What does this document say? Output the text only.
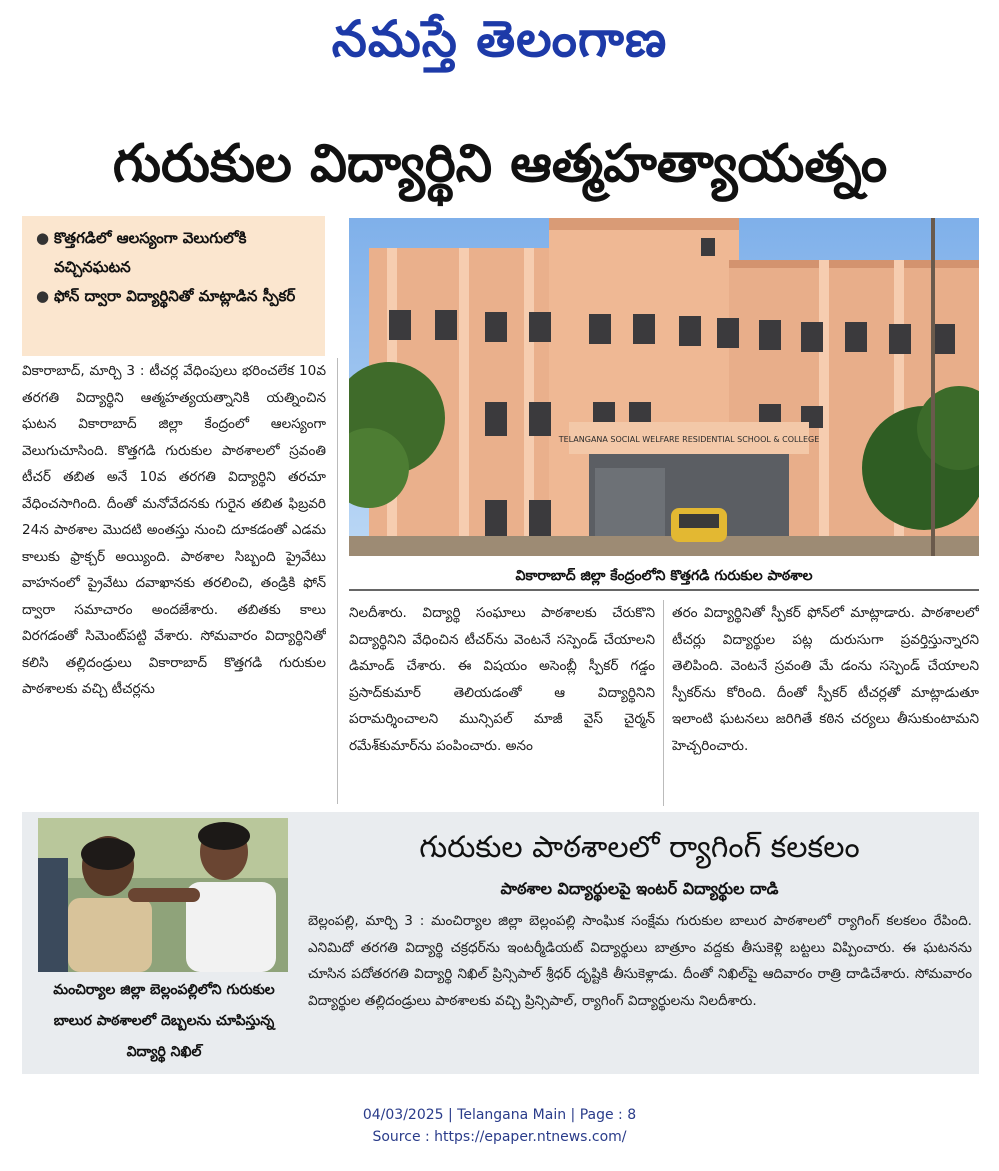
నమస్తే తెలంగాణ
గురుకుల విద్యార్థిని ఆత్మహత్యాయత్నం
● కొత్తగడిలో ఆలస్యంగా వెలుగులోకి వచ్చినఘటన
● ఫోన్ ద్వారా విద్యార్థినితో మాట్లాడిన స్పీకర్
TELANGANA SOCIAL WELFARE RESIDENTIAL SCHOOL & COLLEGE
వికారాబాద్ జిల్లా కేంద్రంలోని కొత్తగడి గురుకుల పాఠశాల
వికారాబాద్, మార్చి 3 : టీచర్ల వేధింపులు భరించలేక 10వ తరగతి విద్యార్థిని ఆత్మహత్యయత్నానికి యత్నించిన ఘటన వికారాబాద్ జిల్లా కేంద్రంలో ఆలస్యంగా వెలుగుచూసింది. కొత్తగడి గురుకుల పాఠశాలలో స్రవంతి టీచర్ తబిత అనే 10వ తరగతి విద్యార్థిని తరచూ వేధించసాగింది. దీంతో మనోవేదనకు గురైన తబిత ఫిబ్రవరి 24న పాఠశాల మొదటి అంతస్తు నుంచి దూకడంతో ఎడమ కాలుకు ఫ్రాక్చర్ అయ్యింది. పాఠశాల సిబ్బంది ప్రైవేటు వాహనంలో ప్రైవేటు దవాఖానకు తరలించి, తండ్రికి ఫోన్ ద్వారా సమాచారం అందజేశారు. తబితకు కాలు విరగడంతో సిమెంట్‌పట్టి వేశారు. సోమవారం విద్యార్థినితో కలిసి తల్లిదండ్రులు వికారాబాద్ కొత్తగడి గురుకుల పాఠశాలకు వచ్చి టీచర్లను
నిలదీశారు. విద్యార్థి సంఘాలు పాఠశాలకు చేరుకొని విద్యార్థినిని వేధించిన టీచర్‌ను వెంటనే సస్పెండ్ చేయాలని డిమాండ్ చేశారు. ఈ విషయం అసెంబ్లీ స్పీకర్ గడ్డం ప్రసాద్‌కుమార్ తెలియడంతో ఆ విద్యార్థినిని పరామర్శించాలని మున్సిపల్ మాజీ వైస్ చైర్మన్ రమేశ్‌కుమార్‌ను పంపించారు. అనం
తరం విద్యార్థినితో స్పీకర్ ఫోన్‌లో మాట్లాడారు. పాఠశాలలో టీచర్లు విద్యార్థుల పట్ల దురుసుగా ప్రవర్తిస్తున్నారని తెలిపింది. వెంటనే స్రవంతి మే డంను సస్పెండ్ చేయాలని స్పీకర్‌ను కోరింది. దీంతో స్పీకర్ టీచర్లతో మాట్లాడుతూ ఇలాంటి ఘటనలు జరిగితే కఠిన చర్యలు తీసుకుంటామని హెచ్చరించారు.
మంచిర్యాల జిల్లా బెల్లంపల్లిలోని గురుకుల బాలుర పాఠశాలలో దెబ్బలను చూపిస్తున్న విద్యార్థి నిఖిల్
గురుకుల పాఠశాలలో ర్యాగింగ్ కలకలం
పాఠశాల విద్యార్థులపై ఇంటర్ విద్యార్థుల దాడి
బెల్లంపల్లి, మార్చి 3 : మంచిర్యాల జిల్లా బెల్లంపల్లి సాంఘిక సంక్షేమ గురుకుల బాలుర పాఠశాలలో ర్యాగింగ్ కలకలం రేపింది. ఎనిమిదో తరగతి విద్యార్థి చక్రధర్‌ను ఇంటర్మీడియట్ విద్యార్థులు బాత్రూం వద్దకు తీసుకెళ్లి బట్టలు విప్పించారు. ఈ ఘటనను చూసిన పదోతరగతి విద్యార్థి నిఖిల్ ప్రిన్సిపాల్ శ్రీధర్ దృష్టికి తీసుకెళ్లాడు. దీంతో నిఖిల్‌పై ఆదివారం రాత్రి దాడిచేశారు. సోమవారం విద్యార్థుల తల్లిదండ్రులు పాఠశాలకు వచ్చి ప్రిన్సిపాల్, ర్యాగింగ్ విద్యార్థులను నిలదీశారు.
04/03/2025 | Telangana Main | Page : 8
Source : https://epaper.ntnews.com/
